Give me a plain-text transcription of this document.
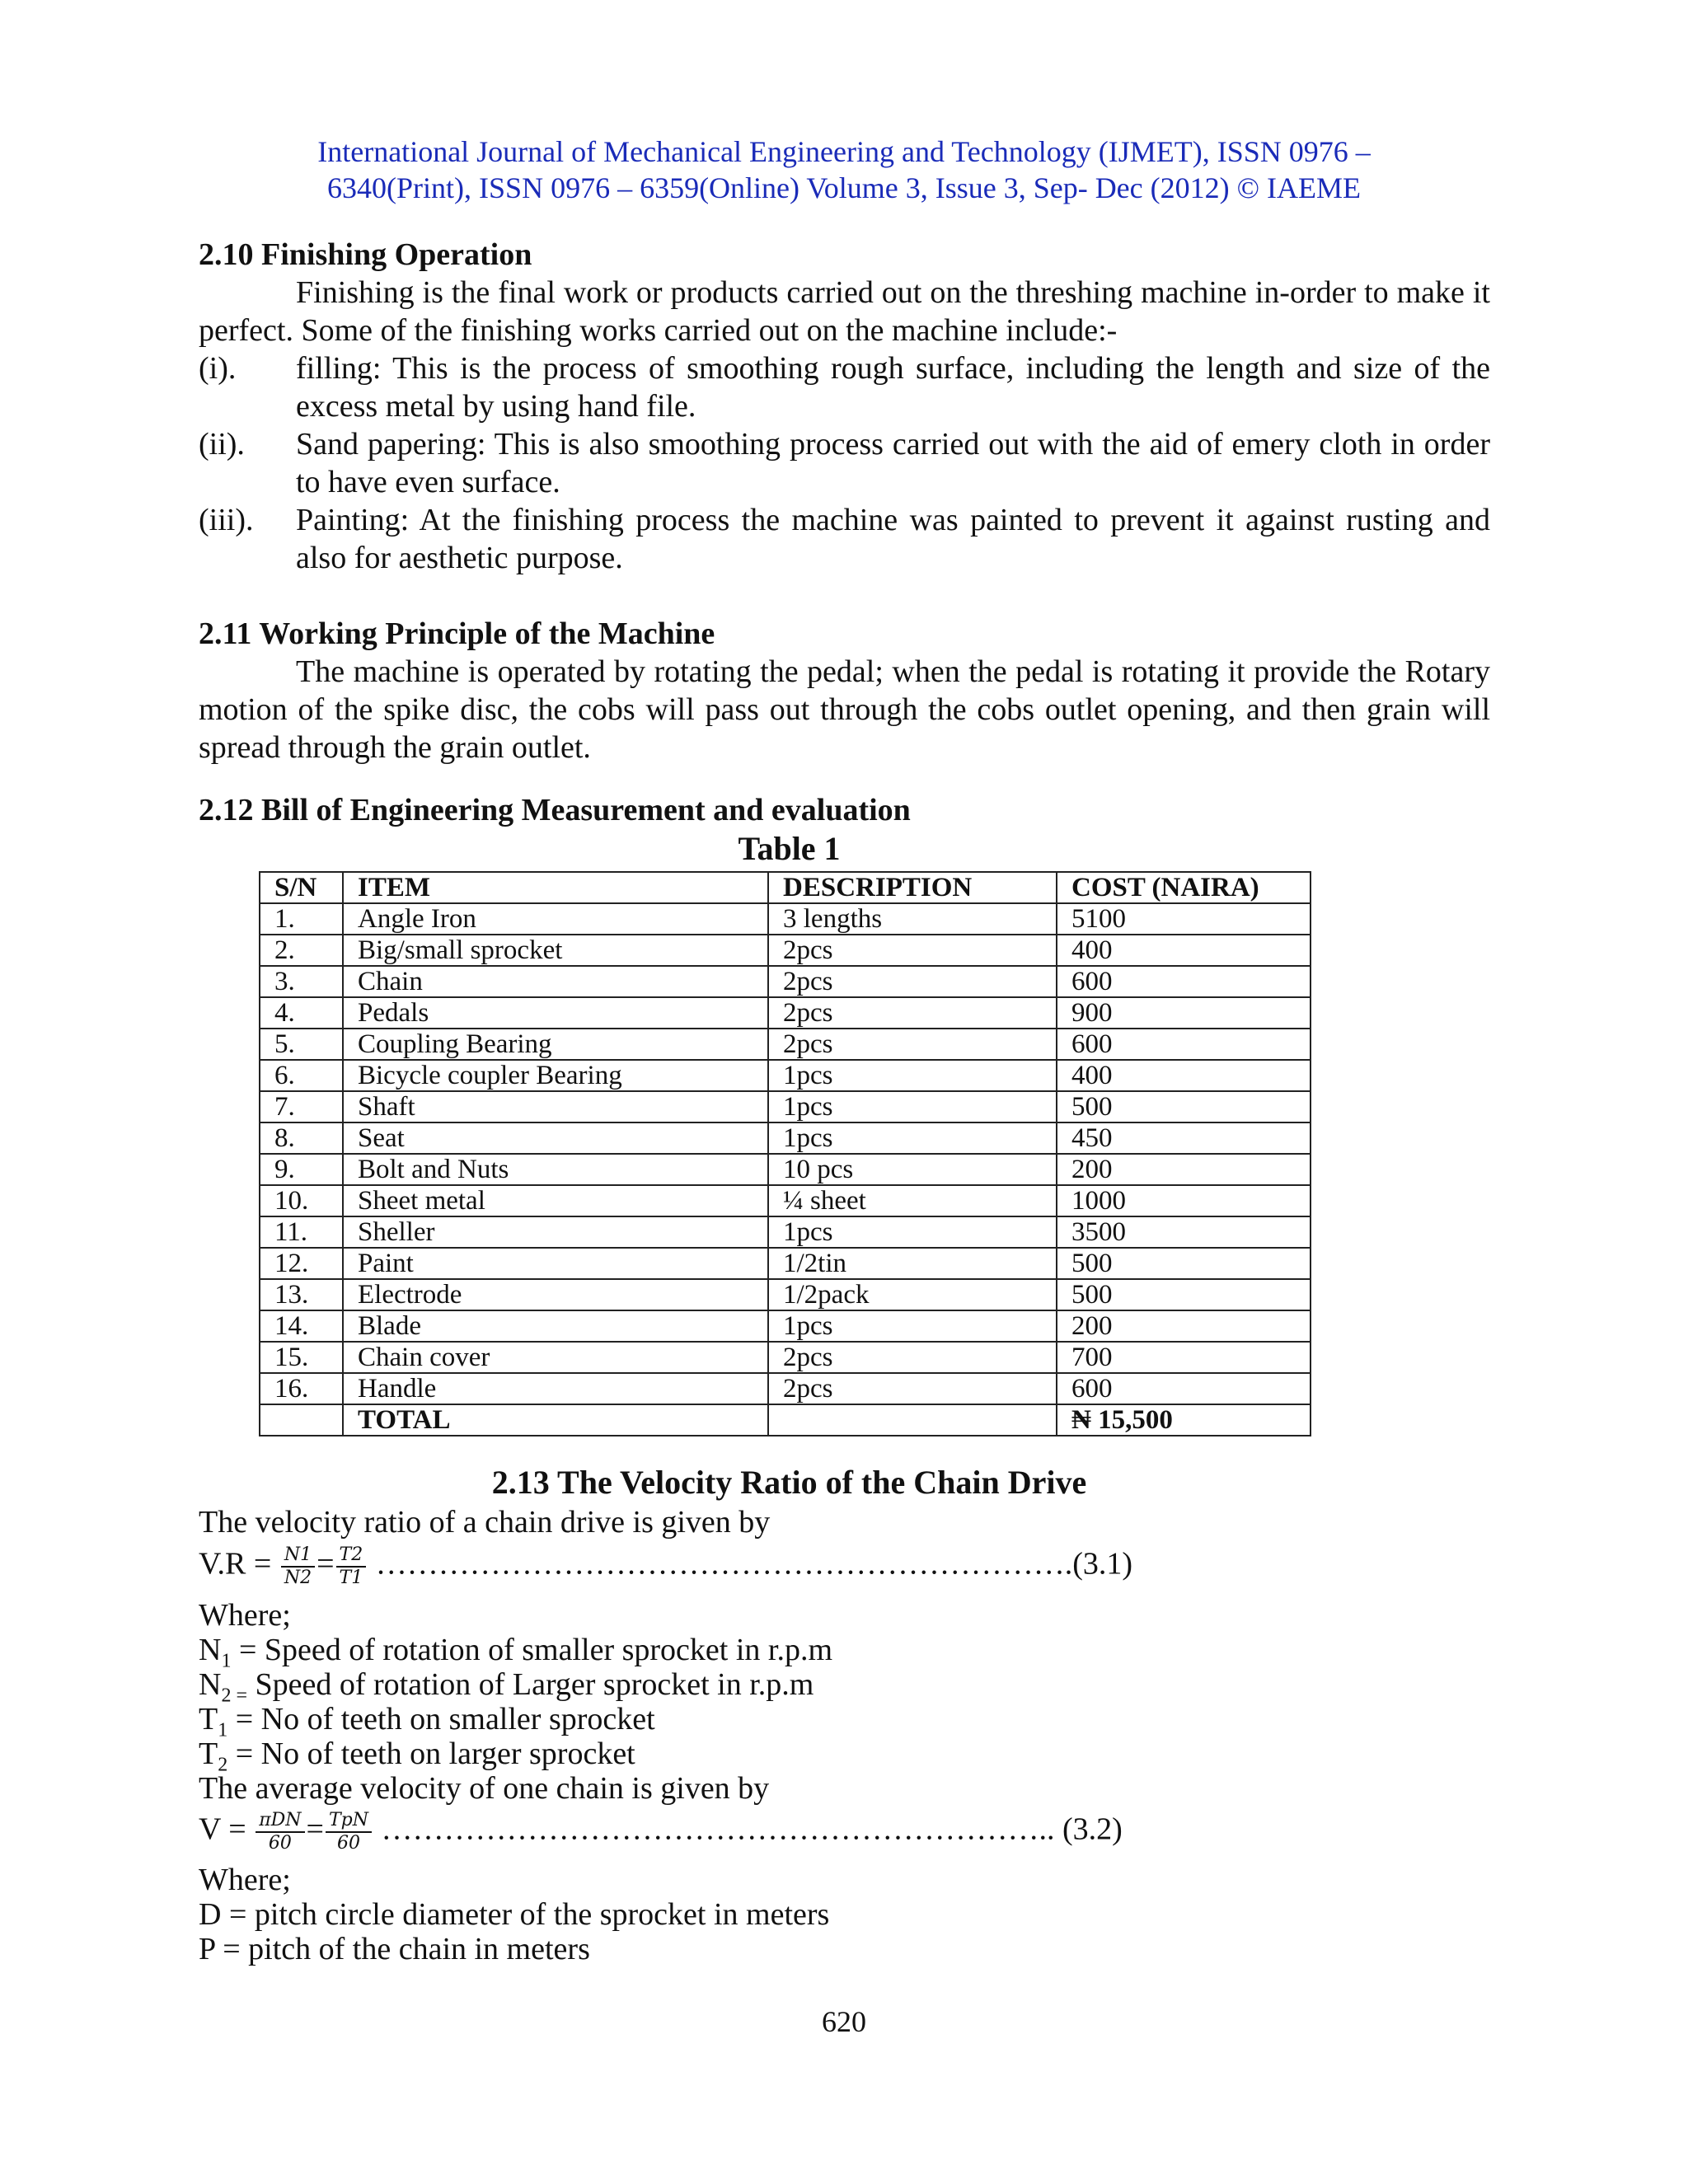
International Journal of Mechanical Engineering and Technology (IJMET), ISSN 0976 –
6340(Print), ISSN 0976 – 6359(Online) Volume 3, Issue 3, Sep- Dec (2012) © IAEME
2.10 Finishing Operation
Finishing is the final work or products carried out on the threshing machine in-order to make it perfect. Some of the finishing works carried out on the machine include:-
(i). filling: This is the process of smoothing rough surface, including the length and size of the excess metal by using hand file.
(ii). Sand papering: This is also smoothing process carried out with the aid of emery cloth in order to have even surface.
(iii). Painting: At the finishing process the machine was painted to prevent it against rusting and also for aesthetic purpose.
2.11 Working Principle of the Machine
The machine is operated by rotating the pedal; when the pedal is rotating it provide the Rotary motion of the spike disc, the cobs will pass out through the cobs outlet opening, and then grain will spread through the grain outlet.
2.12 Bill of Engineering Measurement and evaluation
Table 1
S/N	ITEM	DESCRIPTION	COST (NAIRA)
1.	Angle Iron	3 lengths	5100
2.	Big/small sprocket	2pcs	400
3.	Chain	2pcs	600
4.	Pedals	2pcs	900
5.	Coupling Bearing	2pcs	600
6.	Bicycle coupler Bearing	1pcs	400
7.	Shaft	1pcs	500
8.	Seat	1pcs	450
9.	Bolt and Nuts	10 pcs	200
10.	Sheet metal	¼ sheet	1000
11.	Sheller	1pcs	3500
12.	Paint	1/2tin	500
13.	Electrode	1/2pack	500
14.	Blade	1pcs	200
15.	Chain cover	2pcs	700
16.	Handle	2pcs	600
	TOTAL		₦ 15,500
2.13 The Velocity Ratio of the Chain Drive
The velocity ratio of a chain drive is given by
$V.R = \frac{N1}{N2} = \frac{T2}{T1}$ ………………………………………………………….(3.1)
Where;
$N_1$ = Speed of rotation of smaller sprocket in r.p.m
$N_{2 =}$ Speed of rotation of Larger sprocket in r.p.m
$T_1 = No$ of teeth on smaller sprocket
$T_2 = No$ of teeth on larger sprocket
The average velocity of one chain is given by
$V = \frac{\text{πDN}}{60} = \frac{\text{TpN}}{60}$ ……………………………………………………….. (3.2)
Where;
D = pitch circle diameter of the sprocket in meters
P = pitch of the chain in meters
620
